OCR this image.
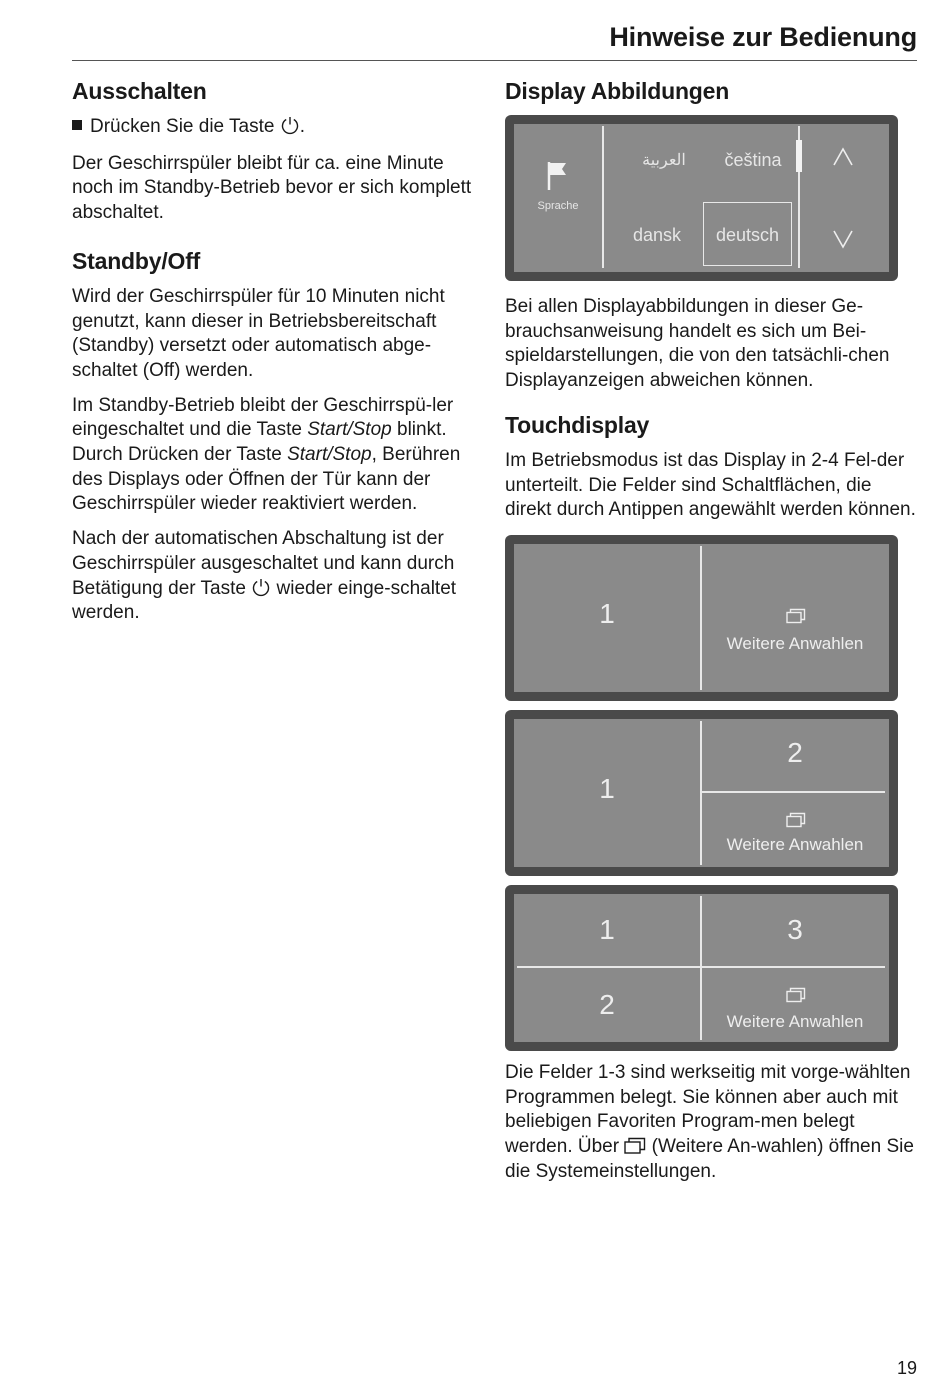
Hinweise zur Bedienung
Ausschalten

Drücken Sie die Taste .

Der Geschirrspüler bleibt für ca. eine Minute noch im Standby-Betrieb bevor er sich komplett abschaltet.

Standby/Off

Wird der Geschirrspüler für 10 Minuten nicht genutzt, kann dieser in Betriebsbereitschaft (Standby) versetzt oder automatisch abge-schaltet (Off) werden.

Im Standby-Betrieb bleibt der Geschirrspü-ler eingeschaltet und die Taste Start/Stop blinkt. Durch Drücken der Taste Start/Stop, Berühren des Displays oder Öffnen der Tür kann der Geschirrspüler wieder reaktiviert werden.

Nach der automatischen Abschaltung ist der Geschirrspüler ausgeschaltet und kann durch Betätigung der Taste wieder einge-schaltet werden.

Display Abbildungen
Sprache
العربية	čeština
dansk	deutsch

Bei allen Displayabbildungen in dieser Ge-brauchsanweisung handelt es sich um Bei-spieldarstellungen, die von den tatsächli-chen Displayanzeigen abweichen können.

Touchdisplay

Im Betriebsmodus ist das Display in 2-4 Fel-der unterteilt. Die Felder sind Schaltflächen, die direkt durch Antippen angewählt werden können.

1
Weitere Anwahlen
1
2
Weitere Anwahlen
1	3
2
Weitere Anwahlen

Die Felder 1-3 sind werkseitig mit vorge-wählten Programmen belegt. Sie können aber auch mit beliebigen Favoriten Program-men belegt werden. Über (Weitere An-wahlen) öffnen Sie die Systemeinstellungen.

19
